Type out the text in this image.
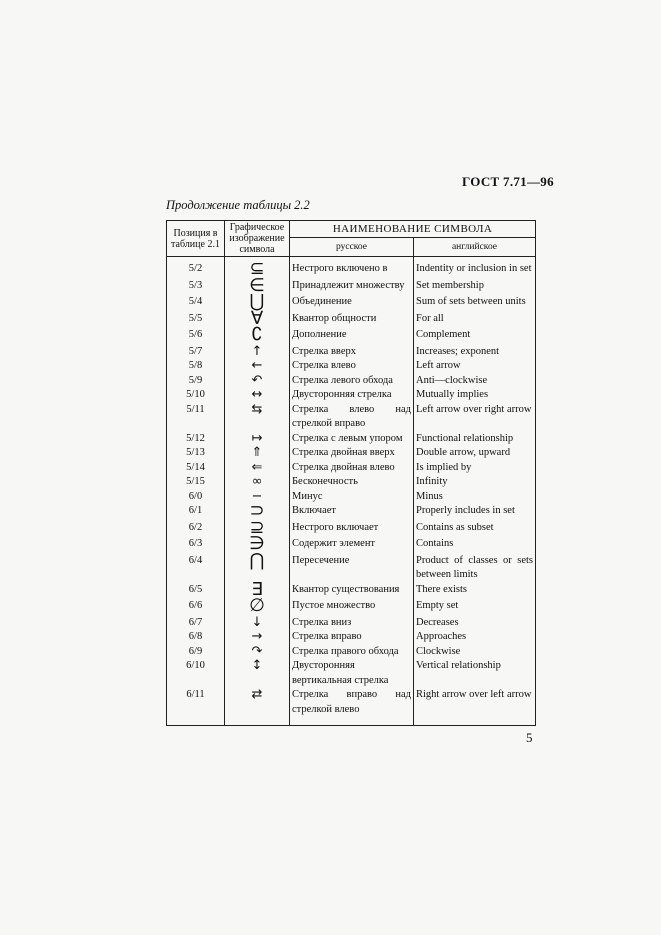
ГОСТ 7.71—96
Продолжение таблицы 2.2
Позиция в таблице 2.1	Графическое изображение символа	НАИМЕНОВАНИЕ СИМВОЛА	
		русское	английское
5/2	⊆	Нестрого включено в	Indentity or inclusion in set
5/3	∈	Принадлежит множеству	Set membership
5/4	⋃	Объединение	Sum of sets between units
5/5	∀	Квантор общности	For all
5/6	∁	Дополнение	Complement
5/7	↑	Стрелка вверх	Increases; exponent
5/8	←	Стрелка влево	Left arrow
5/9	↶	Стрелка левого обхода	Anti—clockwise
5/10	↔	Двусторонняя стрелка	Mutually implies
5/11	⇆	Стрелка влево над стрелкой вправо	Left arrow over right arrow
5/12	↦	Стрелка с левым упором	Functional relationship
5/13	⇑	Стрелка двойная вверх	Double arrow, upward
5/14	⇐	Стрелка двойная влево	Is implied by
5/15	∞	Бесконечность	Infinity
6/0	−	Минус	Minus
6/1	⊃	Включает	Properly includes in set
6/2	⊇	Нестрого включает	Contains as subset
6/3	∋	Содержит элемент	Contains
6/4	⋂	Пересечение	Product of classes or sets between limits
6/5	∃	Квантор существования	There exists
6/6	∅	Пустое множество	Empty set
6/7	↓	Стрелка вниз	Decreases
6/8	→	Стрелка вправо	Approaches
6/9	↷	Стрелка правого обхода	Clockwise
6/10	↕	Двусторонняя вертикальная стрелка	Vertical relationship
6/11	⇄	Стрелка вправо над стрелкой влево	Right arrow over left arrow
5
